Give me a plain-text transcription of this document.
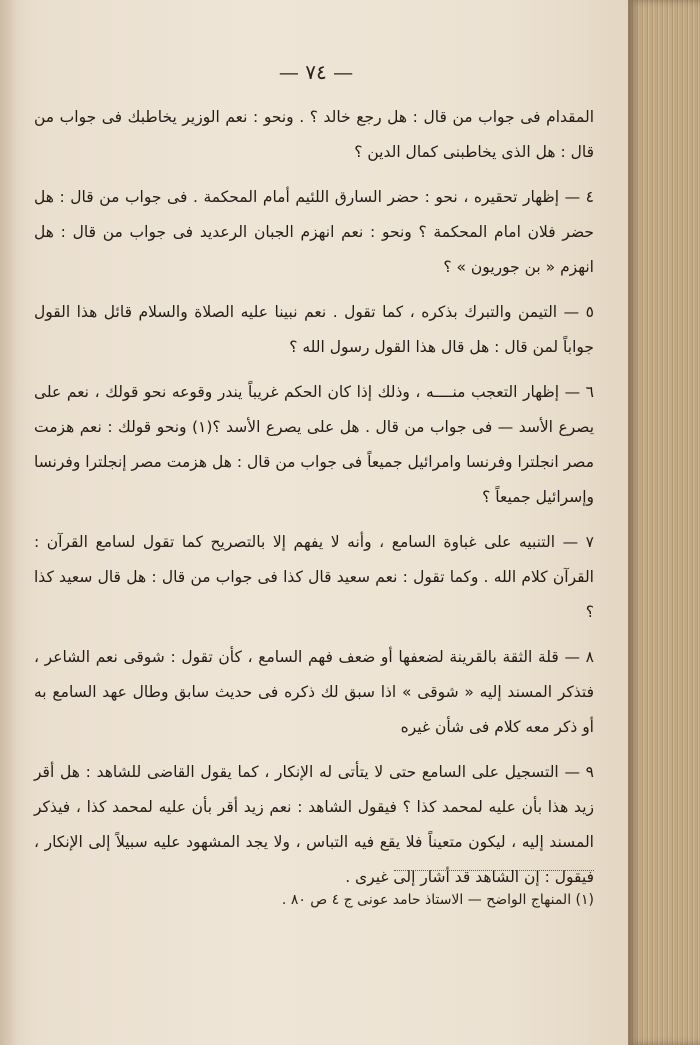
— ٧٤ —

المقدام فى جواب من قال : هل رجع خالد ؟ . ونحو : نعم الوزير يخاطبك فى جواب من قال : هل الذى يخاطبنى كمال الدين ؟

٤ — إظهار تحقيره ، نحو : حضر السارق اللئيم أمام المحكمة . فى جواب من قال : هل حضر فلان امام المحكمة ؟ ونحو : نعم انهزم الجبان الرعديد فى جواب من قال : هل انهزم « بن جوريون » ؟

٥ — التيمن والتبرك بذكره ، كما تقول . نعم نبينا عليه الصلاة والسلام قائل هذا القول جواباً لمن قال : هل قال هذا القول رسول الله ؟

٦ — إظهار التعجب منــــه ، وذلك إذا كان الحكم غريباً يندر وقوعه نحو قولك ، نعم على يصرع الأسد — فى جواب من قال . هل على يصرع الأسد ؟(١) ونحو قولك : نعم هزمت مصر انجلترا وفرنسا وامرائيل جميعاً فى جواب من قال : هل هزمت مصر إنجلترا وفرنسا وإسرائيل جميعاً ؟

٧ — التنبيه على غباوة السامع ، وأنه لا يفهم إلا بالتصريح كما تقول لسامع القرآن : القرآن كلام الله . وكما تقول : نعم سعيد قال كذا فى جواب من قال : هل قال سعيد كذا ؟

٨ — قلة الثقة بالقرينة لضعفها أو ضعف فهم السامع ، كأن تقول : شوقى نعم الشاعر ، فتذكر المسند إليه « شوقى » اذا سبق لك ذكره فى حديث سابق وطال عهد السامع به أو ذكر معه كلام فى شأن غيره

٩ — التسجيل على السامع حتى لا يتأتى له الإنكار ، كما يقول القاضى للشاهد : هل أقر زيد هذا بأن عليه لمحمد كذا ؟ فيقول الشاهد : نعم زيد أقر بأن عليه لمحمد كذا ، فيذكر المسند إليه ، ليكون متعيناً فلا يقع فيه التباس ، ولا يجد المشهود عليه سبيلاً إلى الإنكار ، فيقول : إن الشاهد قد أشار إلى غيرى .

(١) المنهاج الواضح — الاستاذ حامد عونى ج ٤ ص ٨٠ .
